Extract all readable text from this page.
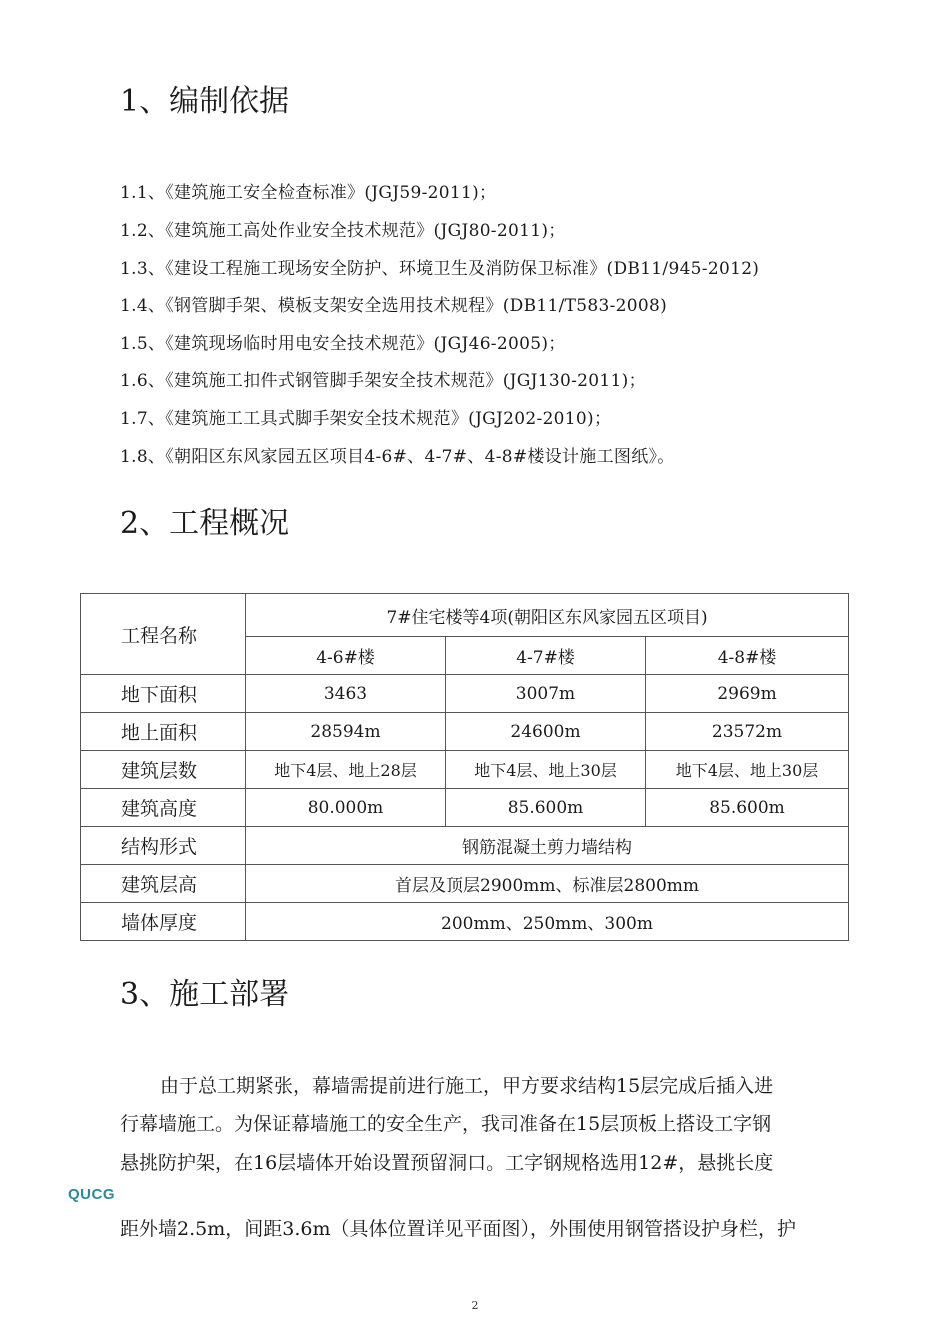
1、编制依据
1.1、《建筑施工安全检查标准》(JGJ59-2011)；
1.2、《建筑施工高处作业安全技术规范》(JGJ80-2011)；
1.3、《建设工程施工现场安全防护、环境卫生及消防保卫标准》(DB11/945-2012)
1.4、《钢管脚手架、模板支架安全选用技术规程》(DB11/T583-2008)
1.5、《建筑现场临时用电安全技术规范》(JGJ46-2005)；
1.6、《建筑施工扣件式钢管脚手架安全技术规范》(JGJ130-2011)；
1.7、《建筑施工工具式脚手架安全技术规范》(JGJ202-2010)；
1.8、《朝阳区东风家园五区项目4-6#、4-7#、4-8#楼设计施工图纸》。
2、工程概况
工程名称	7#住宅楼等4项(朝阳区东风家园五区项目)		
	4-6#楼	4-7#楼	4-8#楼
地下面积	3463	3007m	2969m
地上面积	28594m	24600m	23572m
建筑层数	地下4层、地上28层	地下4层、地上30层	地下4层、地上30层
建筑高度	80.000m	85.600m	85.600m
结构形式	钢筋混凝土剪力墙结构		
建筑层高	首层及顶层2900mm、标准层2800mm		
墙体厚度	200mm、250mm、300m		
3、施工部署
由于总工期紧张，幕墙需提前进行施工，甲方要求结构15层完成后插入进
行幕墙施工。为保证幕墙施工的安全生产，我司准备在15层顶板上搭设工字钢
悬挑防护架，在16层墙体开始设置预留洞口。工字钢规格选用12#，悬挑长度
距外墙2.5m，间距3.6m（具体位置详见平面图），外围使用钢管搭设护身栏，护
QUCG
2
